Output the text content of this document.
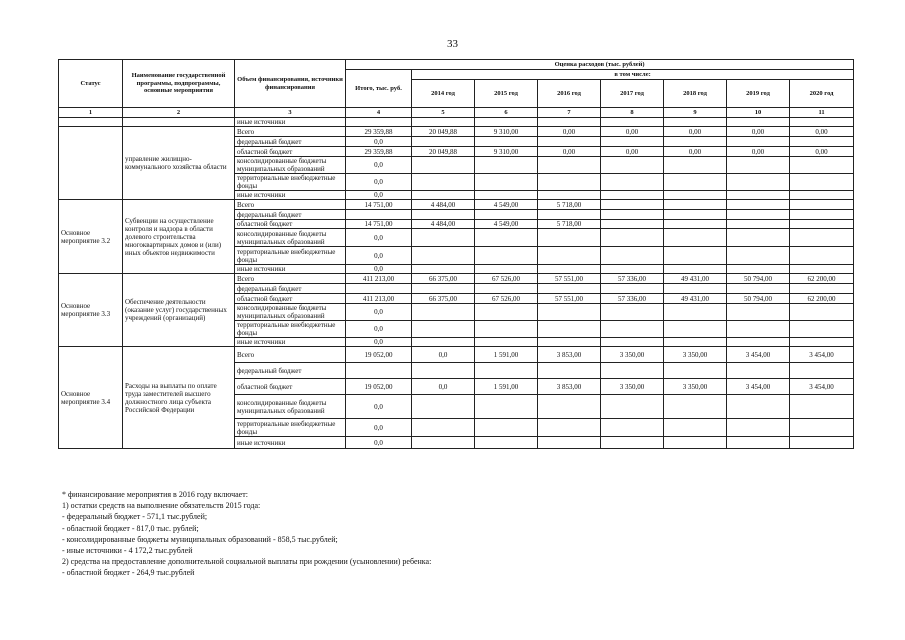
33
Статус	Наименование государственной программы, подпрограммы, основные мероприятия	Объем финансирования, источники финансирования	Оценка расходов (тыс. рублей)							
			Итого, тыс. руб.	в том числе:						
				2014 год	2015 год	2016 год	2017 год	2018 год	2019 год	2020 год
1	2	3	4	5	6	7	8	9	10	11
		иные источники								
	управление жилищно-коммунального хозяйства области	Всего	29 359,88	20 049,88	9 310,00	0,00	0,00	0,00	0,00	0,00
		федеральный бюджет	0,0							
		областной бюджет	29 359,88	20 049,88	9 310,00	0,00	0,00	0,00	0,00	0,00
		консолидированные бюджеты муниципальных образований	0,0							
		территориальные внебюджетные фонды	0,0							
		иные источники	0,0							
Основное мероприятие 3.2	Субвенции на осуществление контроля и надзора в области долевого строительства многоквартирных домов и (или) иных объектов недвижимости	Всего	14 751,00	4 484,00	4 549,00	5 718,00				
		федеральный бюджет								
		областной бюджет	14 751,00	4 484,00	4 549,00	5 718,00				
		консолидированные бюджеты муниципальных образований	0,0							
		территориальные внебюджетные фонды	0,0							
		иные источники	0,0							
Основное мероприятие 3.3	Обеспечение деятельности (оказание услуг) государственных учреждений (организаций)	Всего	411 213,00	66 375,00	67 526,00	57 551,00	57 336,00	49 431,00	50 794,00	62 200,00
		федеральный бюджет								
		областной бюджет	411 213,00	66 375,00	67 526,00	57 551,00	57 336,00	49 431,00	50 794,00	62 200,00
		консолидированные бюджеты муниципальных образований	0,0							
		территориальные внебюджетные фонды	0,0							
		иные источники	0,0							
Основное мероприятие 3.4	Расходы на выплаты по оплате труда заместителей высшего должностного лица субъекта Российской Федерации	Всего	19 052,00	0,0	1 591,00	3 853,00	3 350,00	3 350,00	3 454,00	3 454,00
		федеральный бюджет								
		областной бюджет	19 052,00	0,0	1 591,00	3 853,00	3 350,00	3 350,00	3 454,00	3 454,00
		консолидированные бюджеты муниципальных образований	0,0							
		территориальные внебюджетные фонды	0,0							
		иные источники	0,0							
* финансирование мероприятия в 2016 году включает:
1) остатки средств на выполнение обязательств 2015 года:
- федеральный бюджет - 571,1 тыс.рублей;
- областной бюджет - 817,0 тыс. рублей;
- консолидированные бюджеты муниципальных образований - 858,5 тыс.рублей;
- иные источники - 4 172,2 тыс.рублей
2) средства на предоставление дополнительной социальной выплаты при рождении (усыновлении) ребенка:
- областной бюджет - 264,9 тыс.рублей
